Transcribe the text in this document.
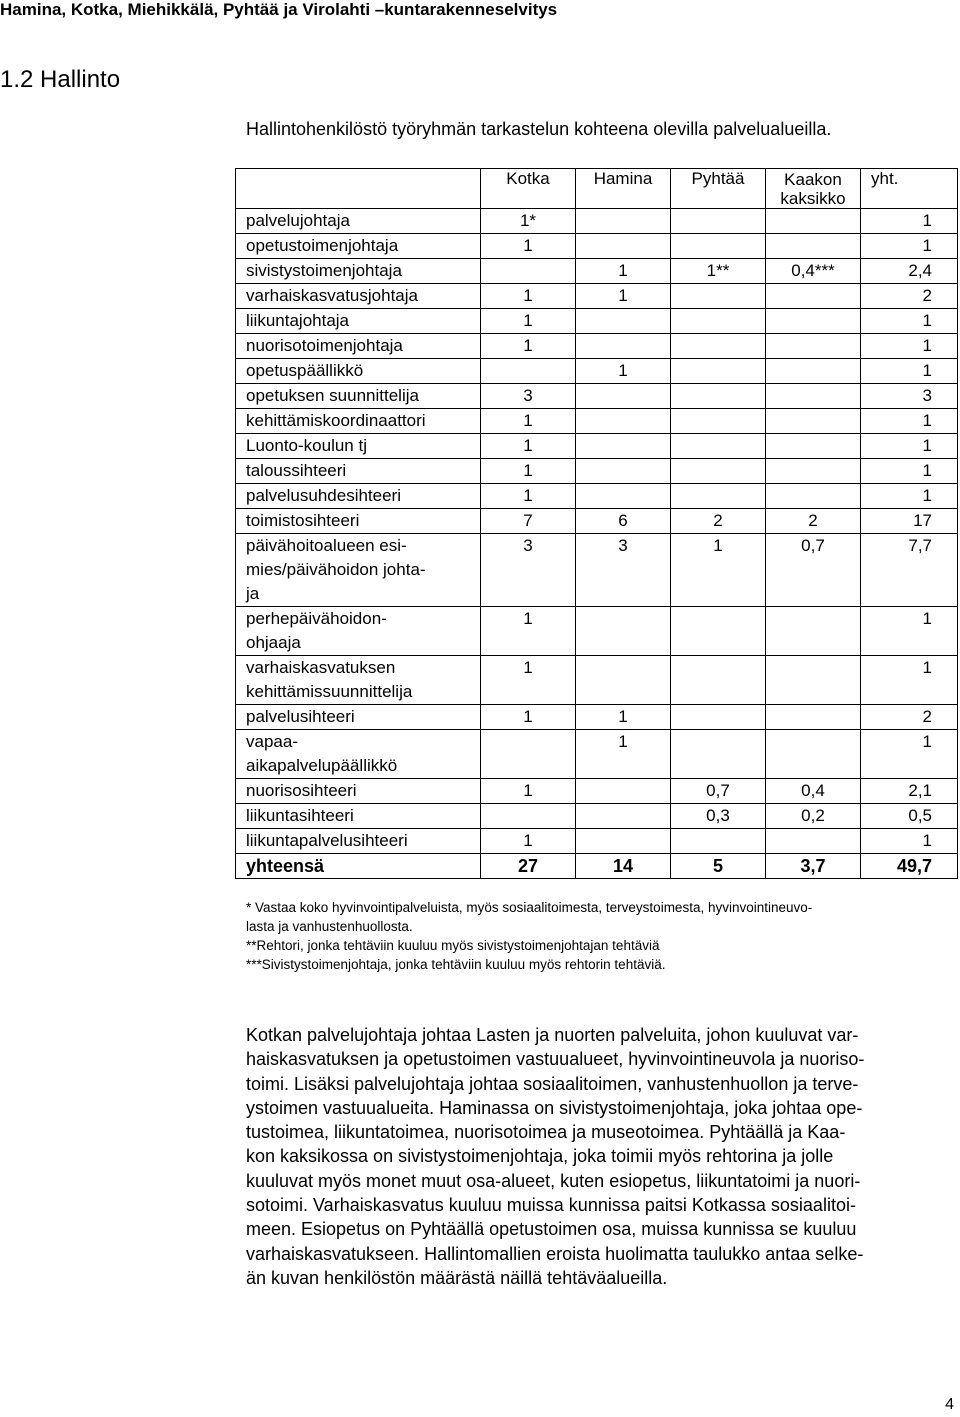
Hamina, Kotka, Miehikkälä, Pyhtää ja Virolahti –kuntarakenneselvitys
1.2 Hallinto
Hallintohenkilöstö työryhmän tarkastelun kohteena olevilla palvelualueilla.
	Kotka	Hamina	Pyhtää	Kaakon kaksikko	yht.
palvelujohtaja	1*				1
opetustoimenjohtaja	1				1
sivistystoimenjohtaja		1	1**	0,4***	2,4
varhaiskasvatusjohtaja	1	1			2
liikuntajohtaja	1				1
nuorisotoimenjohtaja	1				1
opetuspäällikkö		1			1
opetuksen suunnittelija	3				3
kehittämiskoordinaattori	1				1
Luonto-koulun tj	1				1
taloussihteeri	1				1
palvelusuhdesihteeri	1				1
toimistosihteeri	7	6	2	2	17
päivähoitoalueen esi-
mies/päivähoidon johta-
ja	3	3	1	0,7	7,7
perhepäivähoidon-
ohjaaja	1				1
varhaiskasvatuksen
kehittämissuunnittelija	1				1
palvelusihteeri	1	1			2
vapaa-
aikapalvelupäällikkö		1			1
nuorisosihteeri	1		0,7	0,4	2,1
liikuntasihteeri			0,3	0,2	0,5
liikuntapalvelusihteeri	1				1
yhteensä	27	14	5	3,7	49,7
* Vastaa koko hyvinvointipalveluista, myös sosiaalitoimesta, terveystoimesta, hyvinvointineuvo-
lasta ja vanhustenhuollosta.
**Rehtori, jonka tehtäviin kuuluu myös sivistystoimenjohtajan tehtäviä
***Sivistystoimenjohtaja, jonka tehtäviin kuuluu myös rehtorin tehtäviä.
Kotkan palvelujohtaja johtaa Lasten ja nuorten palveluita, johon kuuluvat var-
haiskasvatuksen ja opetustoimen vastuualueet, hyvinvointineuvola ja nuoriso-
toimi. Lisäksi palvelujohtaja johtaa sosiaalitoimen, vanhustenhuollon ja terve-
ystoimen vastuualueita. Haminassa on sivistystoimenjohtaja, joka johtaa ope-
tustoimea, liikuntatoimea, nuorisotoimea ja museotoimea. Pyhtäällä ja Kaa-
kon kaksikossa on sivistystoimenjohtaja, joka toimii myös rehtorina ja jolle
kuuluvat myös monet muut osa-alueet, kuten esiopetus, liikuntatoimi ja nuori-
sotoimi. Varhaiskasvatus kuuluu muissa kunnissa paitsi Kotkassa sosiaalitoi-
meen. Esiopetus on Pyhtäällä opetustoimen osa, muissa kunnissa se kuuluu
varhaiskasvatukseen. Hallintomallien eroista huolimatta taulukko antaa selke-
än kuvan henkilöstön määrästä näillä tehtäväalueilla.
4
